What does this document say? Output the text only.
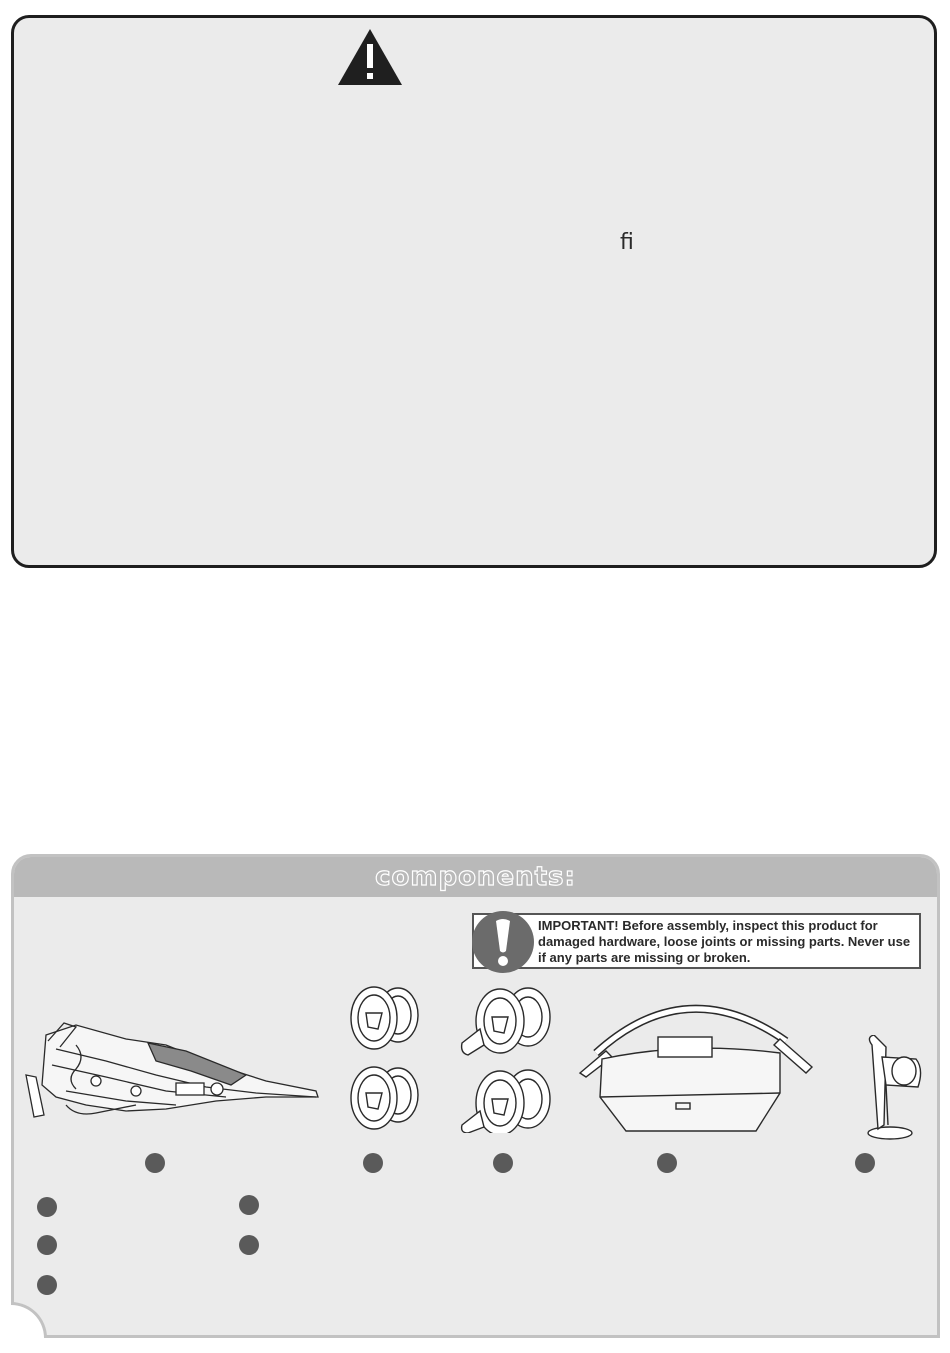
ﬁ
components:
IMPORTANT! Before assembly, inspect this product for damaged hardware, loose joints or missing parts. Never use if any parts are missing or broken.
